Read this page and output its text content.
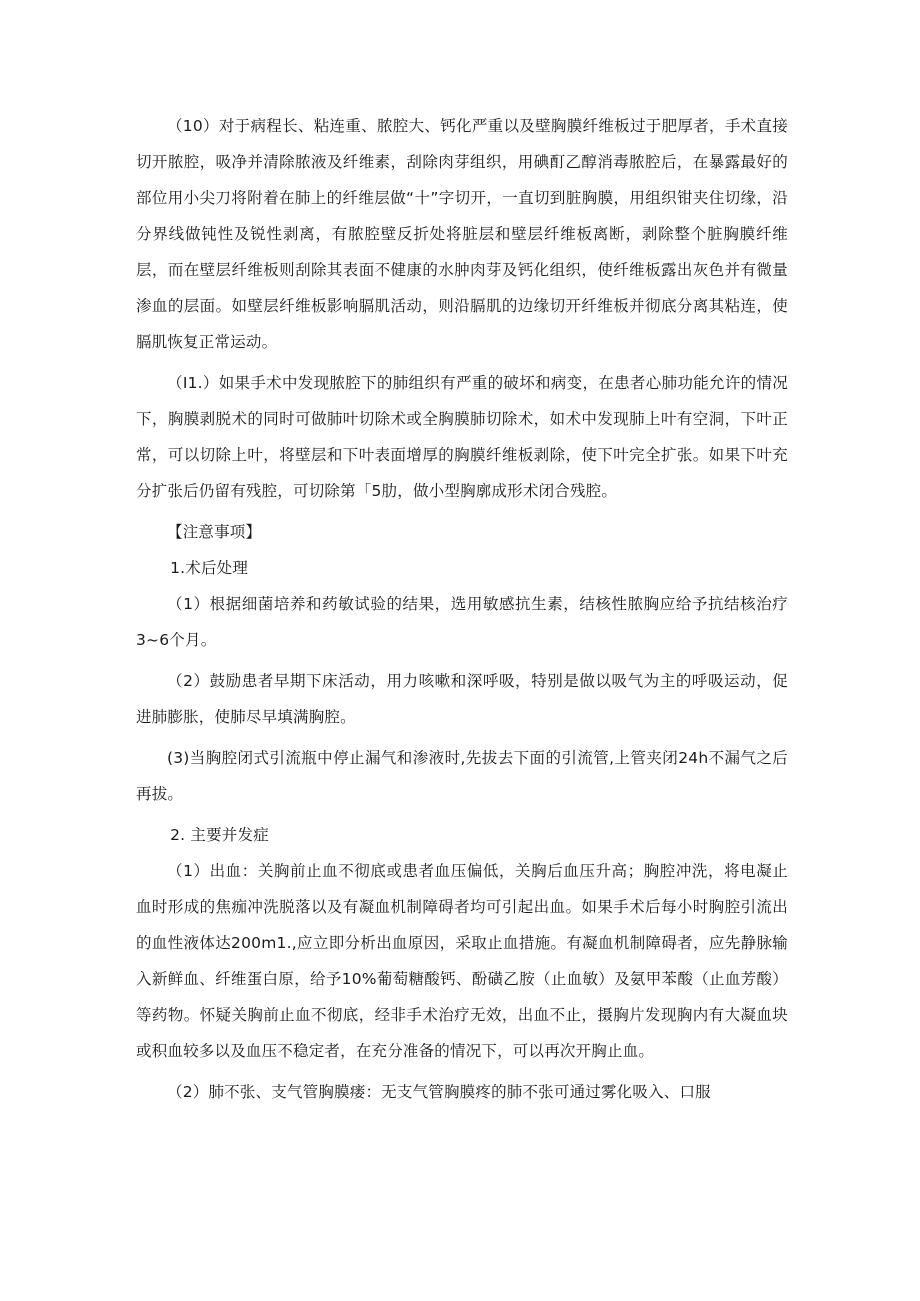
（10）对于病程长、粘连重、脓腔大、钙化严重以及壁胸膜纤维板过于肥厚者，手术直接切开脓腔，吸净并清除脓液及纤维素，刮除肉芽组织，用碘酊乙醇消毒脓腔后，在暴露最好的部位用小尖刀将附着在肺上的纤维层做“十”字切开，一直切到脏胸膜，用组织钳夹住切缘，沿分界线做钝性及锐性剥离，有脓腔壁反折处将脏层和壁层纤维板离断，剥除整个脏胸膜纤维层，而在壁层纤维板则刮除其表面不健康的水肿肉芽及钙化组织，使纤维板露出灰色并有微量渗血的层面。如壁层纤维板影响膈肌活动，则沿膈肌的边缘切开纤维板并彻底分离其粘连，使膈肌恢复正常运动。

（I1.）如果手术中发现脓腔下的肺组织有严重的破坏和病变，在患者心肺功能允许的情况下，胸膜剥脱术的同时可做肺叶切除术或全胸膜肺切除术，如术中发现肺上叶有空洞，下叶正常，可以切除上叶，将壁层和下叶表面增厚的胸膜纤维板剥除，使下叶完全扩张。如果下叶充分扩张后仍留有残腔，可切除第「5肋，做小型胸廓成形术闭合残腔。

【注意事项】

1.术后处理

（1）根据细菌培养和药敏试验的结果，选用敏感抗生素，结核性脓胸应给予抗结核治疗3~6个月。

（2）鼓励患者早期下床活动，用力咳嗽和深呼吸，特别是做以吸气为主的呼吸运动，促进肺膨胀，使肺尽早填满胸腔。

(3)当胸腔闭式引流瓶中停止漏气和渗液时,先拔去下面的引流管,上管夹闭24h不漏气之后再拔。

2. 主要并发症

（1）出血：关胸前止血不彻底或患者血压偏低，关胸后血压升高；胸腔冲洗，将电凝止血时形成的焦痂冲洗脱落以及有凝血机制障碍者均可引起出血。如果手术后每小时胸腔引流出的血性液体达200m1.,应立即分析出血原因，采取止血措施。有凝血机制障碍者，应先静脉输入新鲜血、纤维蛋白原，给予10%葡萄糖酸钙、酚磺乙胺（止血敏）及氨甲苯酸（止血芳酸）等药物。怀疑关胸前止血不彻底，经非手术治疗无效，出血不止，摄胸片发现胸内有大凝血块或积血较多以及血压不稳定者，在充分准备的情况下，可以再次开胸止血。

（2）肺不张、支气管胸膜瘘：无支气管胸膜疼的肺不张可通过雾化吸入、口服
